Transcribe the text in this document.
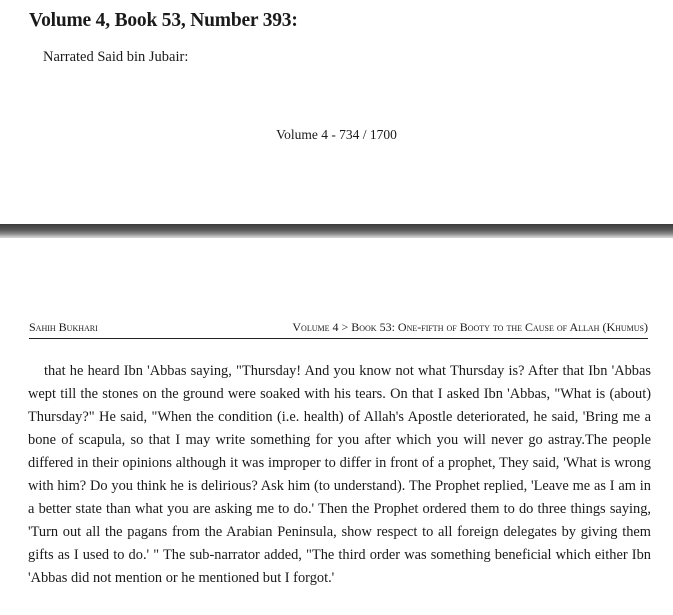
Volume 4, Book 53, Number 393:

Narrated Said bin Jubair:

Volume 4 - 734 / 1700
Sahih Bukhari	Volume 4 > Book 53: One-fifth of Booty to the Cause of Allah (Khumus)

that he heard Ibn 'Abbas saying, "Thursday! And you know not what Thursday is? After that Ibn 'Abbas wept till the stones on the ground were soaked with his tears. On that I asked Ibn 'Abbas, "What is (about) Thursday?" He said, "When the condition (i.e. health) of Allah's Apostle deteriorated, he said, 'Bring me a bone of scapula, so that I may write something for you after which you will never go astray.The people differed in their opinions although it was improper to differ in front of a prophet, They said, 'What is wrong with him? Do you think he is delirious? Ask him (to understand). The Prophet replied, 'Leave me as I am in a better state than what you are asking me to do.' Then the Prophet ordered them to do three things saying, 'Turn out all the pagans from the Arabian Peninsula, show respect to all foreign delegates by giving them gifts as I used to do.' " The sub-narrator added, "The third order was something beneficial which either Ibn 'Abbas did not mention or he mentioned but I forgot.'
